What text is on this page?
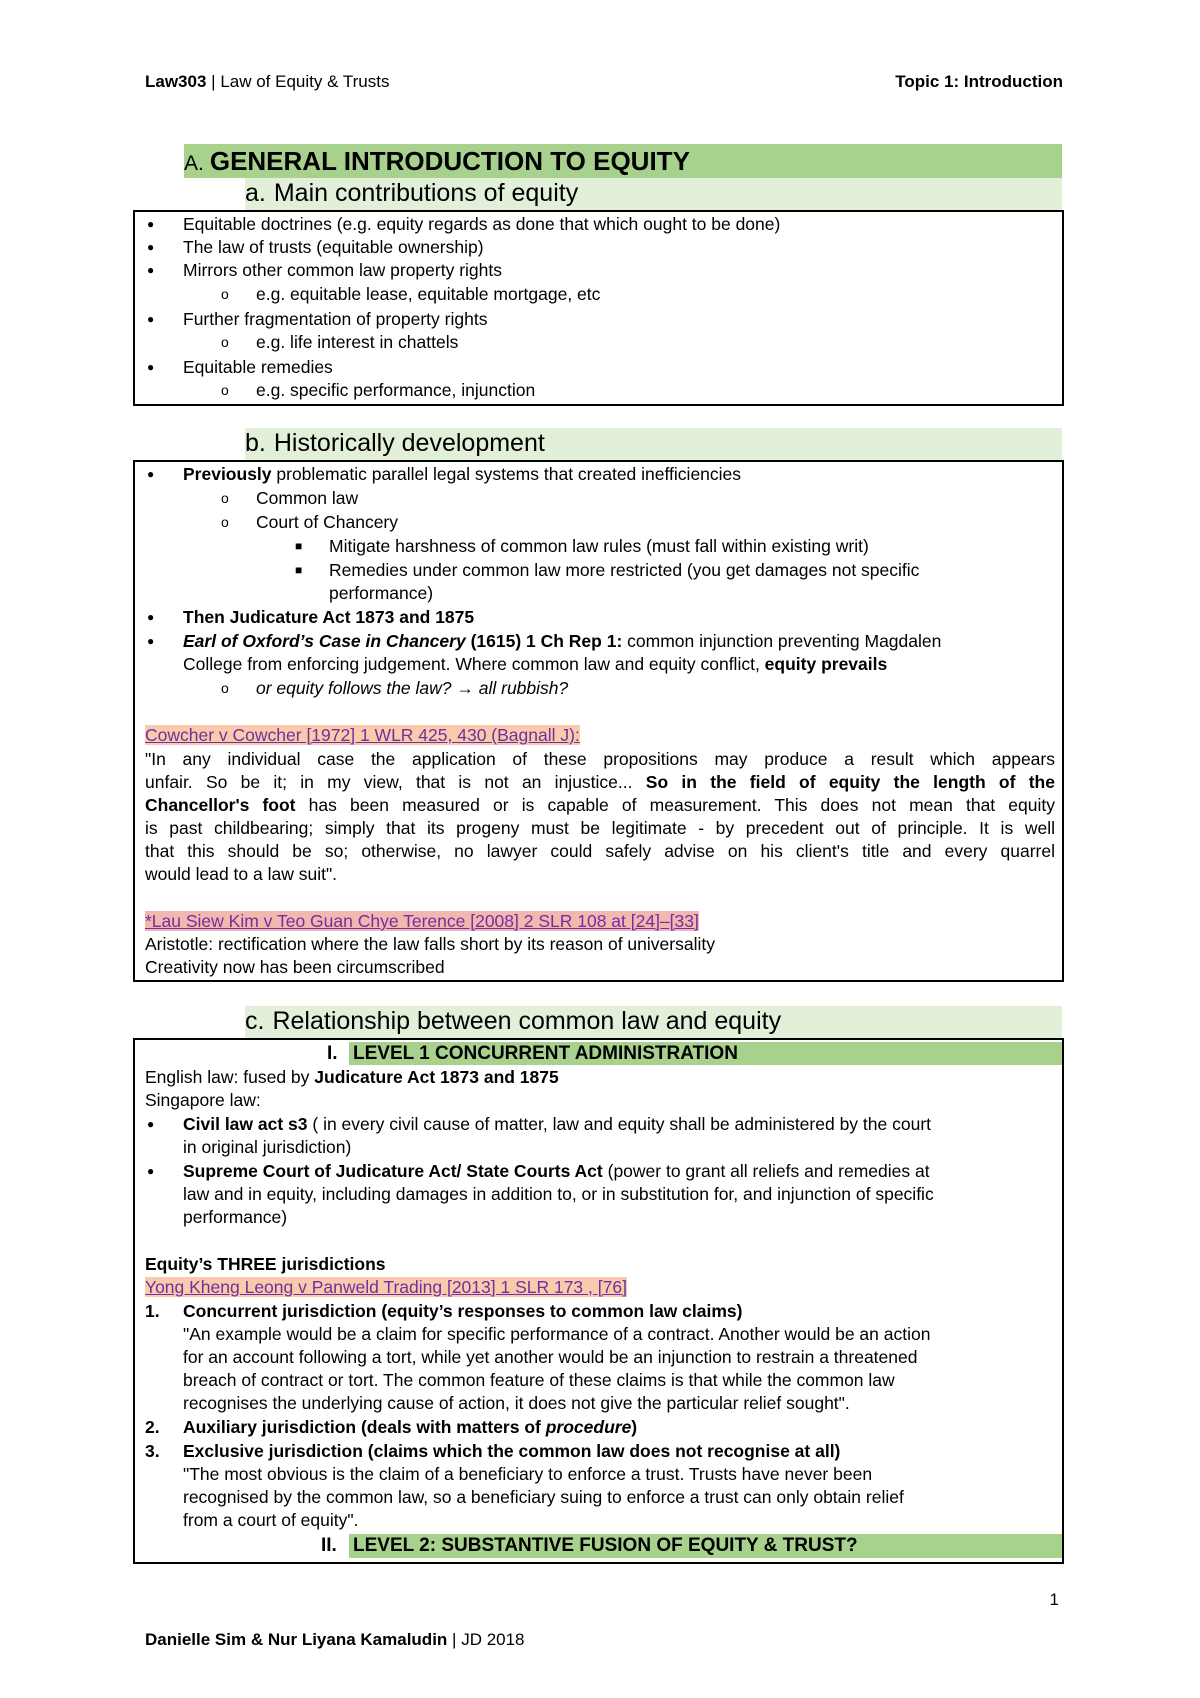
Law303 | Law of Equity & Trusts	Topic 1: Introduction
A. GENERAL INTRODUCTION TO EQUITY
a. Main contributions of equity
● Equitable doctrines (e.g. equity regards as done that which ought to be done)
● The law of trusts (equitable ownership)
● Mirrors other common law property rights
o e.g. equitable lease, equitable mortgage, etc
● Further fragmentation of property rights
o e.g. life interest in chattels
● Equitable remedies
o e.g. specific performance, injunction
b. Historically development
● Previously problematic parallel legal systems that created inefficiencies
o Common law
o Court of Chancery
■ Mitigate harshness of common law rules (must fall within existing writ)
■ Remedies under common law more restricted (you get damages not specific
performance)
● Then Judicature Act 1873 and 1875
● Earl of Oxford’s Case in Chancery (1615) 1 Ch Rep 1: common injunction preventing Magdalen
College from enforcing judgement. Where common law and equity conflict, equity prevails
o or equity follows the law? → all rubbish?
Cowcher v Cowcher [1972] 1 WLR 425, 430 (Bagnall J):
"In any individual case the application of these propositions may produce a result which appears
unfair. So be it; in my view, that is not an injustice... So in the field of equity the length of the
Chancellor's foot has been measured or is capable of measurement. This does not mean that equity
is past childbearing; simply that its progeny must be legitimate - by precedent out of principle. It is well
that this should be so; otherwise, no lawyer could safely advise on his client's title and every quarrel
would lead to a law suit".
*Lau Siew Kim v Teo Guan Chye Terence [2008] 2 SLR 108 at [24]–[33]
Aristotle: rectification where the law falls short by its reason of universality
Creativity now has been circumscribed
c. Relationship between common law and equity
I. LEVEL 1 CONCURRENT ADMINISTRATION
English law: fused by Judicature Act 1873 and 1875
Singapore law:
● Civil law act s3 ( in every civil cause of matter, law and equity shall be administered by the court
in original jurisdiction)
● Supreme Court of Judicature Act/ State Courts Act (power to grant all reliefs and remedies at
law and in equity, including damages in addition to, or in substitution for, and injunction of specific
performance)
Equity’s THREE jurisdictions
Yong Kheng Leong v Panweld Trading [2013] 1 SLR 173 , [76]
1. Concurrent jurisdiction (equity’s responses to common law claims)
"An example would be a claim for specific performance of a contract. Another would be an action
for an account following a tort, while yet another would be an injunction to restrain a threatened
breach of contract or tort. The common feature of these claims is that while the common law
recognises the underlying cause of action, it does not give the particular relief sought".
2. Auxiliary jurisdiction (deals with matters of procedure)
3. Exclusive jurisdiction (claims which the common law does not recognise at all)
"The most obvious is the claim of a beneficiary to enforce a trust. Trusts have never been
recognised by the common law, so a beneficiary suing to enforce a trust can only obtain relief
from a court of equity".
II. LEVEL 2: SUBSTANTIVE FUSION OF EQUITY & TRUST?
1
Danielle Sim & Nur Liyana Kamaludin | JD 2018
